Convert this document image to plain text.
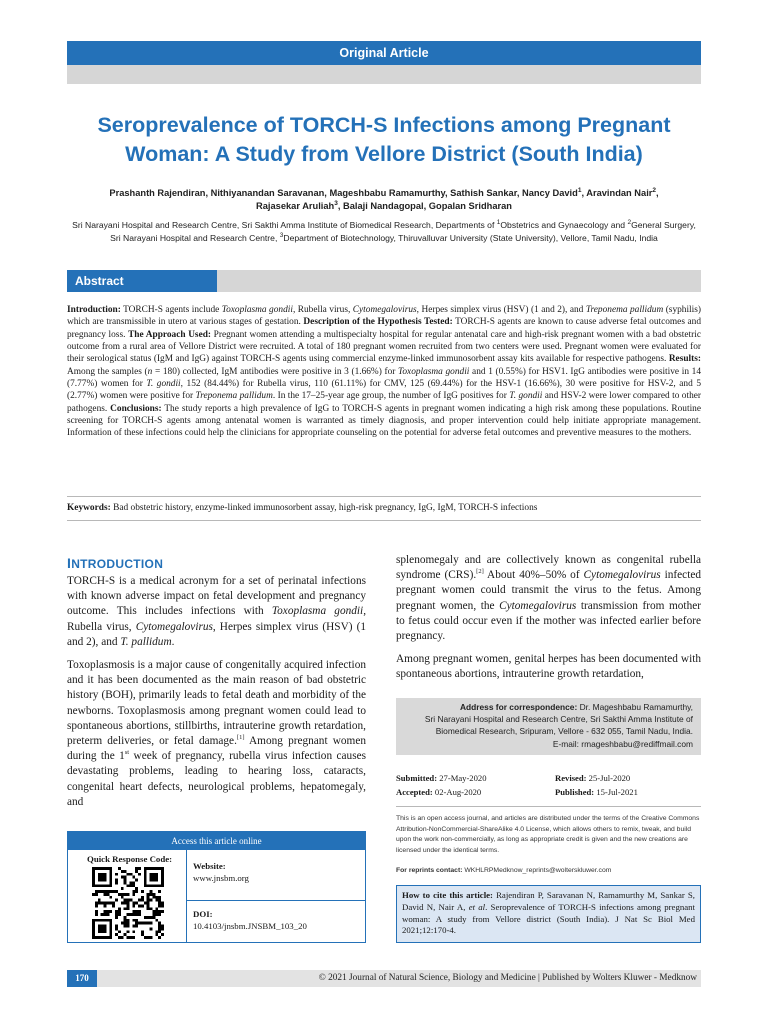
Original Article
Seroprevalence of TORCH-S Infections among Pregnant Woman: A Study from Vellore District (South India)
Prashanth Rajendiran, Nithiyanandan Saravanan, Mageshbabu Ramamurthy, Sathish Sankar, Nancy David$^1$, Aravindan Nair$^2$, Rajasekar Aruliah$^3$, Balaji Nandagopal, Gopalan Sridharan
Sri Narayani Hospital and Research Centre, Sri Sakthi Amma Institute of Biomedical Research, Departments of $^1$Obstetrics and Gynaecology and $^2$General Surgery,
Sri Narayani Hospital and Research Centre, $^3$Department of Biotechnology, Thiruvalluvar University (State University), Vellore, Tamil Nadu, India
Abstract
Introduction: TORCH-S agents include Toxoplasma gondii, Rubella virus, Cytomegalovirus, Herpes simplex virus (HSV) (1 and 2), and Treponema pallidum (syphilis) which are transmissible in utero at various stages of gestation. Description of the Hypothesis Tested: TORCH-S agents are known to cause adverse fetal outcomes and pregnancy loss. The Approach Used: Pregnant women attending a multispecialty hospital for regular antenatal care and high-risk pregnant women with a bad obstetric outcome from a rural area of Vellore District were recruited. A total of 180 pregnant women recruited from two centers were used. Pregnant women were evaluated for their serological status (IgM and IgG) against TORCH-S agents using commercial enzyme-linked immunosorbent assay kits available for respective pathogens. Results: Among the samples (n = 180) collected, IgM antibodies were positive in 3 (1.66%) for Toxoplasma gondii and 1 (0.55%) for HSV1. IgG antibodies were positive in 14 (7.77%) women for T. gondii, 152 (84.44%) for Rubella virus, 110 (61.11%) for CMV, 125 (69.44%) for the HSV-1 (16.66%), 30 were positive for HSV-2, and 5 (2.77%) women were positive for Treponema pallidum. In the 17–25-year age group, the number of IgG positives for T. gondii and HSV-2 were lower compared to other pathogens. Conclusions: The study reports a high prevalence of IgG to TORCH-S agents in pregnant women indicating a high risk among these populations. Routine screening for TORCH-S agents among antenatal women is warranted as timely diagnosis, and proper intervention could help initiate appropriate management. Information of these infections could help the clinicians for appropriate counseling on the potential for adverse fetal outcomes and preventive measures to the mothers.
Keywords: Bad obstetric history, enzyme-linked immunosorbent assay, high-risk pregnancy, IgG, IgM, TORCH-S infections
INTRODUCTION

TORCH-S is a medical acronym for a set of perinatal infections with known adverse impact on fetal development and pregnancy outcome. This includes infections with Toxoplasma gondii, Rubella virus, Cytomegalovirus, Herpes simplex virus (HSV) (1 and 2), and T. pallidum.

Toxoplasmosis is a major cause of congenitally acquired infection and it has been documented as the main reason of bad obstetric history (BOH), primarily leads to fetal death and morbidity of the newborns. Toxoplasmosis among pregnant women could lead to spontaneous abortions, stillbirths, intrauterine growth retardation, preterm deliveries, or fetal damage.[1] Among pregnant women during the 1st week of pregnancy, rubella virus infection causes devastating problems, leading to hearing loss, cataracts, congenital heart defects, neurological problems, hepatomegaly, and

splenomegaly and are collectively known as congenital rubella syndrome (CRS).[2] About 40%–50% of Cytomegalovirus infected pregnant women could transmit the virus to the fetus. Among pregnant women, the Cytomegalovirus transmission from mother to fetus could occur even if the mother was infected earlier before pregnancy.

Among pregnant women, genital herpes has been documented with spontaneous abortions, intrauterine growth retardation,

Access this article online
Quick Response Code:
Website:
www.jnsbm.org
DOI:
10.4103/jnsbm.JNSBM_103_20
Address for correspondence: Dr. Mageshbabu Ramamurthy,
Sri Narayani Hospital and Research Centre, Sri Sakthi Amma Institute of
Biomedical Research, Sripuram, Vellore - 632 055, Tamil Nadu, India.
E-mail: rmageshbabu@rediffmail.com
Submitted: 27-May-2020	Revised: 25-Jul-2020
Accepted: 02-Aug-2020	Published: 15-Jul-2021
This is an open access journal, and articles are distributed under the terms of the Creative Commons Attribution-NonCommercial-ShareAlike 4.0 License, which allows others to remix, tweak, and build upon the work non-commercially, as long as appropriate credit is given and the new creations are licensed under the identical terms.
For reprints contact: WKHLRPMedknow_reprints@wolterskluwer.com
How to cite this article: Rajendiran P, Saravanan N, Ramamurthy M, Sankar S, David N, Nair A, et al. Seroprevalence of TORCH-S infections among pregnant woman: A study from Vellore district (South India). J Nat Sc Biol Med 2021;12:170-4.
170	© 2021 Journal of Natural Science, Biology and Medicine | Published by Wolters Kluwer - Medknow
